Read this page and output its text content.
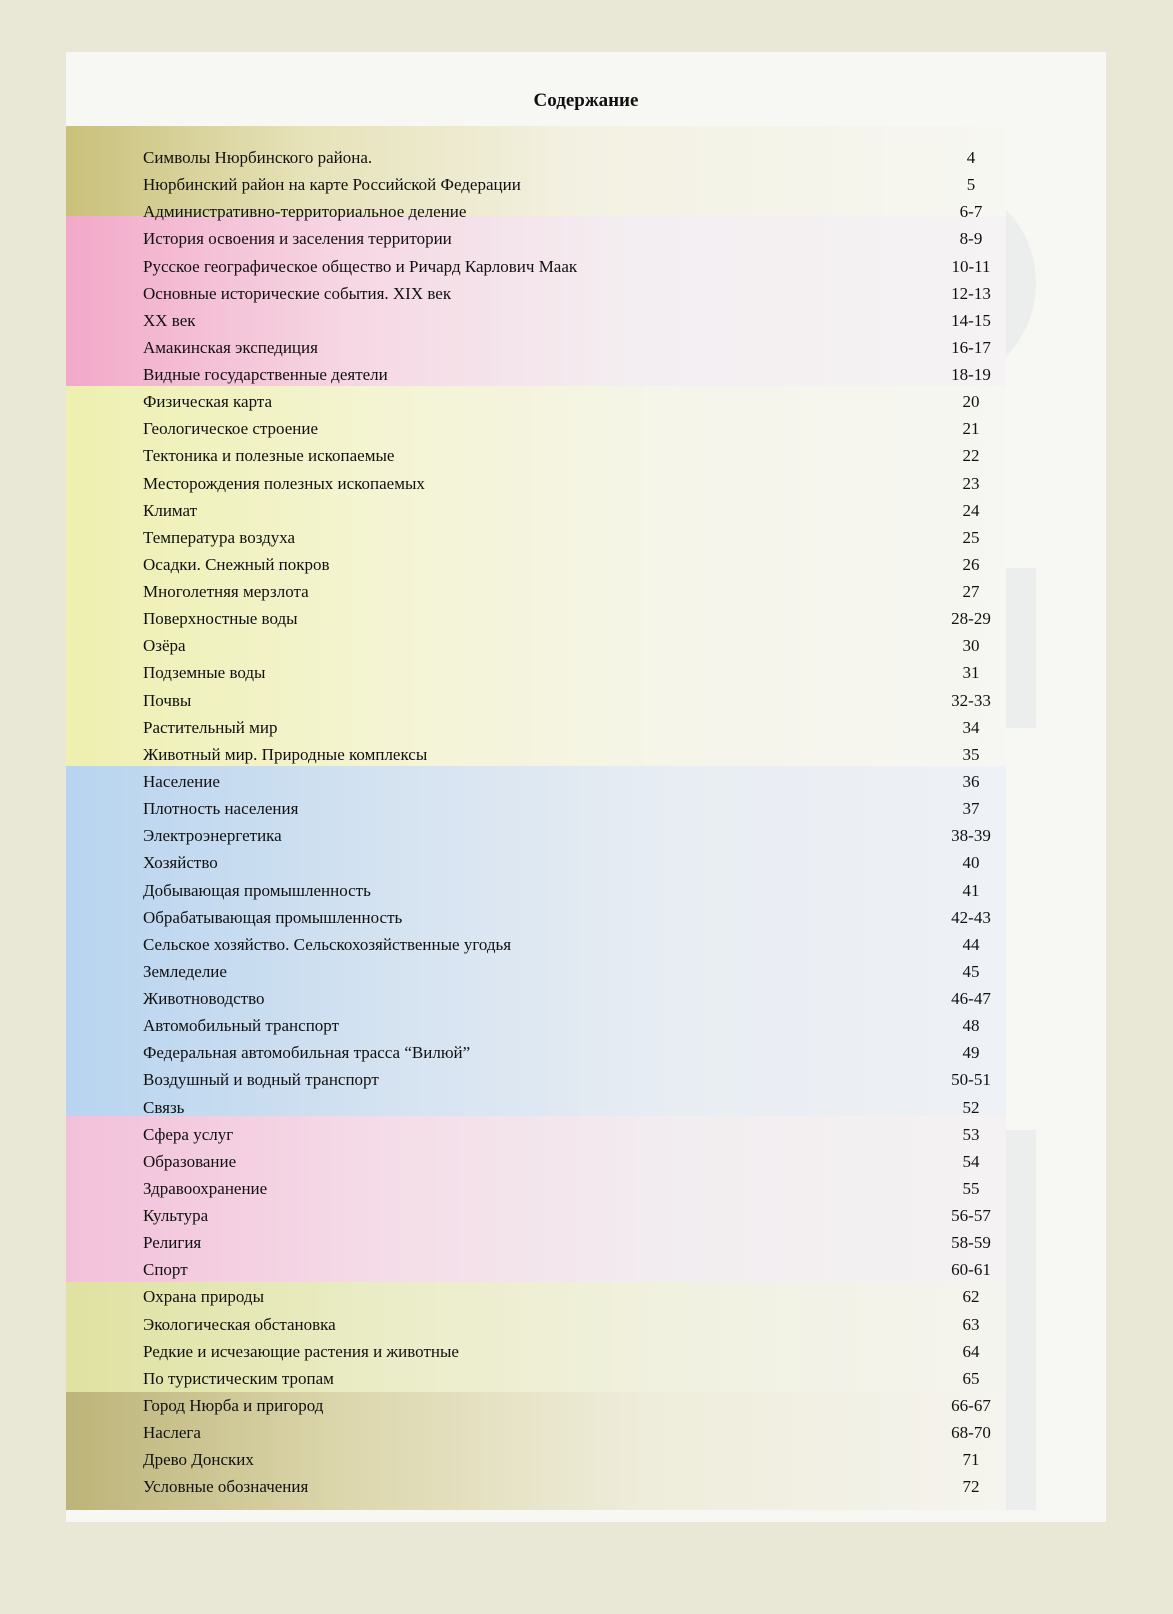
Содержание
Символы Нюрбинского района.	4
Нюрбинский район на карте Российской Федерации	5
Административно-территориальное деление	6-7
История освоения и заселения территории	8-9
Русское географическое общество и Ричард Карлович Маак	10-11
Основные исторические события. XIX век	12-13
XX век	14-15
Амакинская экспедиция	16-17
Видные государственные деятели	18-19
Физическая карта	20
Геологическое строение	21
Тектоника и полезные ископаемые	22
Месторождения полезных ископаемых	23
Климат	24
Температура воздуха	25
Осадки. Снежный покров	26
Многолетняя мерзлота	27
Поверхностные воды	28-29
Озёра	30
Подземные воды	31
Почвы	32-33
Растительный мир	34
Животный мир. Природные комплексы	35
Население	36
Плотность населения	37
Электроэнергетика	38-39
Хозяйство	40
Добывающая промышленность	41
Обрабатывающая промышленность	42-43
Сельское хозяйство. Сельскохозяйственные угодья	44
Земледелие	45
Животноводство	46-47
Автомобильный транспорт	48
Федеральная автомобильная трасса “Вилюй”	49
Воздушный и водный транспорт	50-51
Связь	52
Сфера услуг	53
Образование	54
Здравоохранение	55
Культура	56-57
Религия	58-59
Спорт	60-61
Охрана природы	62
Экологическая обстановка	63
Редкие и исчезающие растения и животные	64
По туристическим тропам	65
Город Нюрба и пригород	66-67
Наслега	68-70
Древо Донских	71
Условные обозначения	72
